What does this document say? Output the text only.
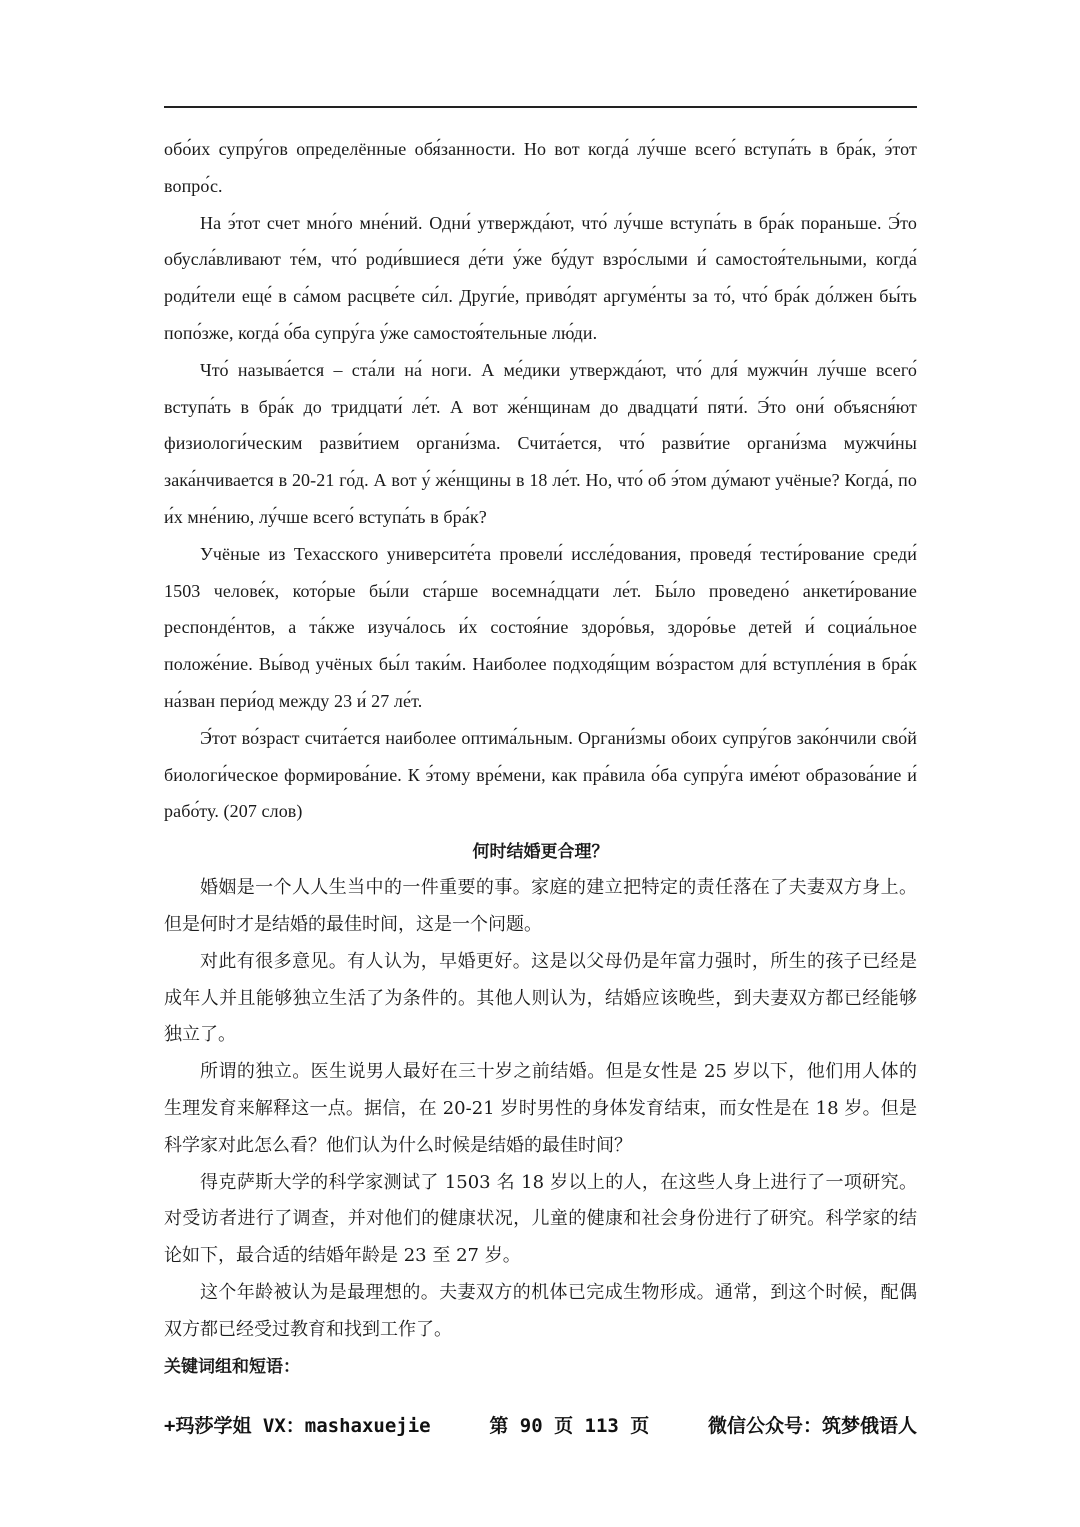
обо́их супру́гов определённые обя́занности. Но вот когда́ лу́чше всего́ вступа́ть в бра́к, э́тот вопро́с.

На э́тот счет мно́го мне́ний. Одни́ утвержда́ют, что́ лу́чше вступа́ть в бра́к пораньше. Э́то обусла́вливают те́м, что́ роди́вшиеся де́ти у́же бу́дут взро́слыми и́ самостоя́тельными, когда́ роди́тели еще́ в са́мом расцве́те си́л. Други́е, приво́дят аргуме́нты за то́, что́ бра́к до́лжен бы́ть попо́зже, когда́ о́ба супру́га у́же самостоя́тельные лю́ди.

Что́ называ́ется – ста́ли на́ ноги. А ме́дики утвержда́ют, что́ для́ мужчи́н лу́чше всего́ вступа́ть в бра́к до тридцати́ ле́т. А вот же́нщинам до двадцати́ пяти́. Э́то они́ объясня́ют физиологи́ческим разви́тием органи́зма. Счита́ется, что́ разви́тие органи́зма мужчи́ны зака́нчивается в 20-21 го́д. А вот у́ же́нщины в 18 ле́т. Но, что́ об э́том ду́мают учёные? Когда́, по и́х мне́нию, лу́чше всего́ вступа́ть в бра́к?

Учёные из Техасского университе́та провели́ иссле́дования, проведя́ тести́рование среди́ 1503 челове́к, кото́рые бы́ли ста́рше восемна́дцати ле́т. Бы́ло проведено́ анкети́рование респонде́нтов, а та́кже изуча́лось и́х состоя́ние здоро́вья, здоро́вье детей и́ социа́льное положе́ние. Вы́вод учёных бы́л таки́м. Наиболее подходя́щим во́зрастом для́ вступле́ния в бра́к на́зван пери́од между 23 и́ 27 ле́т.

Э́тот во́зраст счита́ется наиболее оптима́льным. Органи́змы обоих супру́гов зако́нчили сво́й биологи́ческое формирова́ние. К э́тому вре́мени, как пра́вила о́ба супру́га име́ют образова́ние и́ рабо́ту. (207 слов)

何时结婚更合理？

婚姻是一个人人生当中的一件重要的事。家庭的建立把特定的责任落在了夫妻双方身上。但是何时才是结婚的最佳时间，这是一个问题。

对此有很多意见。有人认为，早婚更好。这是以父母仍是年富力强时，所生的孩子已经是成年人并且能够独立生活了为条件的。其他人则认为，结婚应该晚些，到夫妻双方都已经能够独立了。

所谓的独立。医生说男人最好在三十岁之前结婚。但是女性是 25 岁以下，他们用人体的生理发育来解释这一点。据信，在 20-21 岁时男性的身体发育结束，而女性是在 18 岁。但是科学家对此怎么看？他们认为什么时候是结婚的最佳时间？

得克萨斯大学的科学家测试了 1503 名 18 岁以上的人，在这些人身上进行了一项研究。对受访者进行了调查，并对他们的健康状况，儿童的健康和社会身份进行了研究。科学家的结论如下，最合适的结婚年龄是 23 至 27 岁。

这个年龄被认为是最理想的。夫妻双方的机体已完成生物形成。通常，到这个时候，配偶双方都已经受过教育和找到工作了。

关键词组和短语：
+玛莎学姐 VX：mashaxuejie	第 90 页 113 页	微信公众号：筑梦俄语人
